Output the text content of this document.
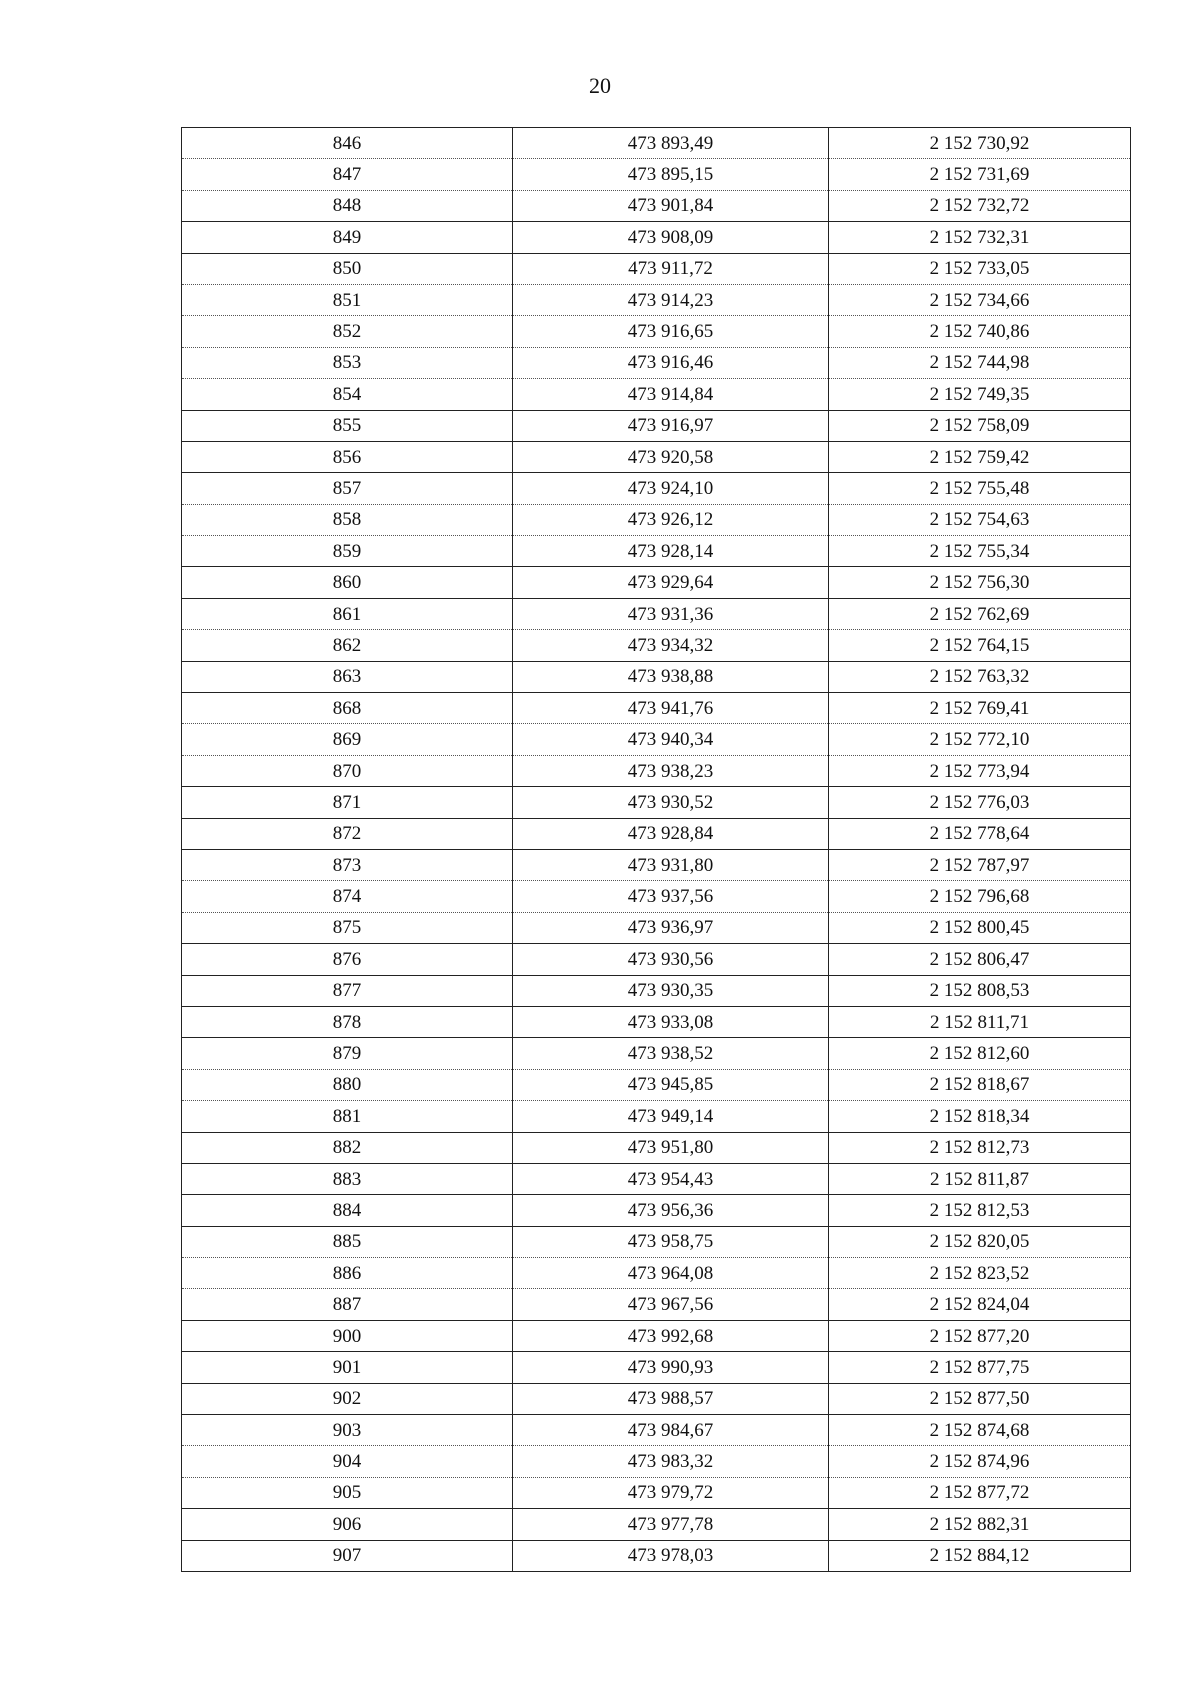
20
846	473 893,49	2 152 730,92
847	473 895,15	2 152 731,69
848	473 901,84	2 152 732,72
849	473 908,09	2 152 732,31
850	473 911,72	2 152 733,05
851	473 914,23	2 152 734,66
852	473 916,65	2 152 740,86
853	473 916,46	2 152 744,98
854	473 914,84	2 152 749,35
855	473 916,97	2 152 758,09
856	473 920,58	2 152 759,42
857	473 924,10	2 152 755,48
858	473 926,12	2 152 754,63
859	473 928,14	2 152 755,34
860	473 929,64	2 152 756,30
861	473 931,36	2 152 762,69
862	473 934,32	2 152 764,15
863	473 938,88	2 152 763,32
868	473 941,76	2 152 769,41
869	473 940,34	2 152 772,10
870	473 938,23	2 152 773,94
871	473 930,52	2 152 776,03
872	473 928,84	2 152 778,64
873	473 931,80	2 152 787,97
874	473 937,56	2 152 796,68
875	473 936,97	2 152 800,45
876	473 930,56	2 152 806,47
877	473 930,35	2 152 808,53
878	473 933,08	2 152 811,71
879	473 938,52	2 152 812,60
880	473 945,85	2 152 818,67
881	473 949,14	2 152 818,34
882	473 951,80	2 152 812,73
883	473 954,43	2 152 811,87
884	473 956,36	2 152 812,53
885	473 958,75	2 152 820,05
886	473 964,08	2 152 823,52
887	473 967,56	2 152 824,04
900	473 992,68	2 152 877,20
901	473 990,93	2 152 877,75
902	473 988,57	2 152 877,50
903	473 984,67	2 152 874,68
904	473 983,32	2 152 874,96
905	473 979,72	2 152 877,72
906	473 977,78	2 152 882,31
907	473 978,03	2 152 884,12
